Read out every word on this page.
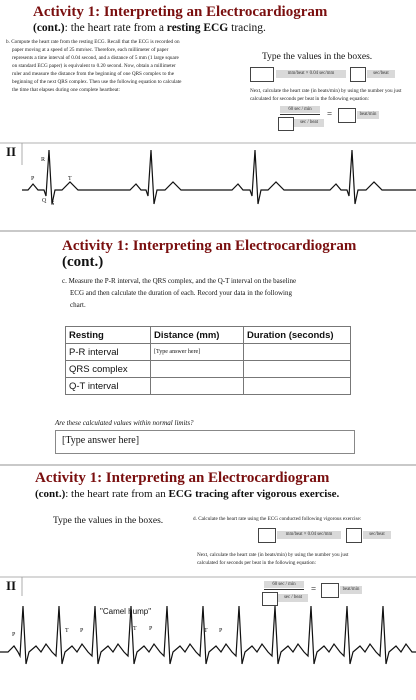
Activity 1: Interpreting an Electrocardiogram
(cont.): the heart rate from a resting ECG tracing.
b. Compute the heart rate from the resting ECG. Recall that the ECG is recorded on
paper moving at a speed of 25 mm/sec. Therefore, each millimeter of paper
represents a time interval of 0.04 second, and a distance of 5 mm (1 large square
on standard ECG paper) is equivalent to 0.20 second. Now, obtain a millimeter
ruler and measure the distance from the beginning of one QRS complex to the
beginning of the next QRS complex. Then use the following equation to calculate
the time that elapses during one complete heartbeat:
Type the values in the boxes.
mm/beat × 0.04 sec/mm	sec/beat
Next, calculate the heart rate (in beats/min) by using the number you just
calculated for seconds per beat in the following equation:
60 sec / min
sec / beat
=	beat/min
II
R
P	T
Q S
Activity 1: Interpreting an Electrocardiogram
(cont.)
c. Measure the P-R interval, the QRS complex, and the Q-T interval on the baseline
ECG and then calculate the duration of each. Record your data in the following
chart.
Resting	Distance (mm)	Duration (seconds)
P-R interval	[Type answer here]	
QRS complex		
Q-T interval		
Are these calculated values within normal limits?
[Type answer here]
Activity 1: Interpreting an Electrocardiogram
(cont.): the heart rate from an ECG tracing after vigorous exercise.
Type the values in the boxes.	d. Calculate the heart rate using the ECG conducted following vigorous exercise:
mm/beat × 0.04 sec/mm	sec/beat
Next, calculate the heart rate (in beats/min) by using the number you just
calculated for seconds per beat in the following equation:
60 sec / min
sec / beat
=	beat/min
II
"Camel hump"
P
T P	T P	T P
